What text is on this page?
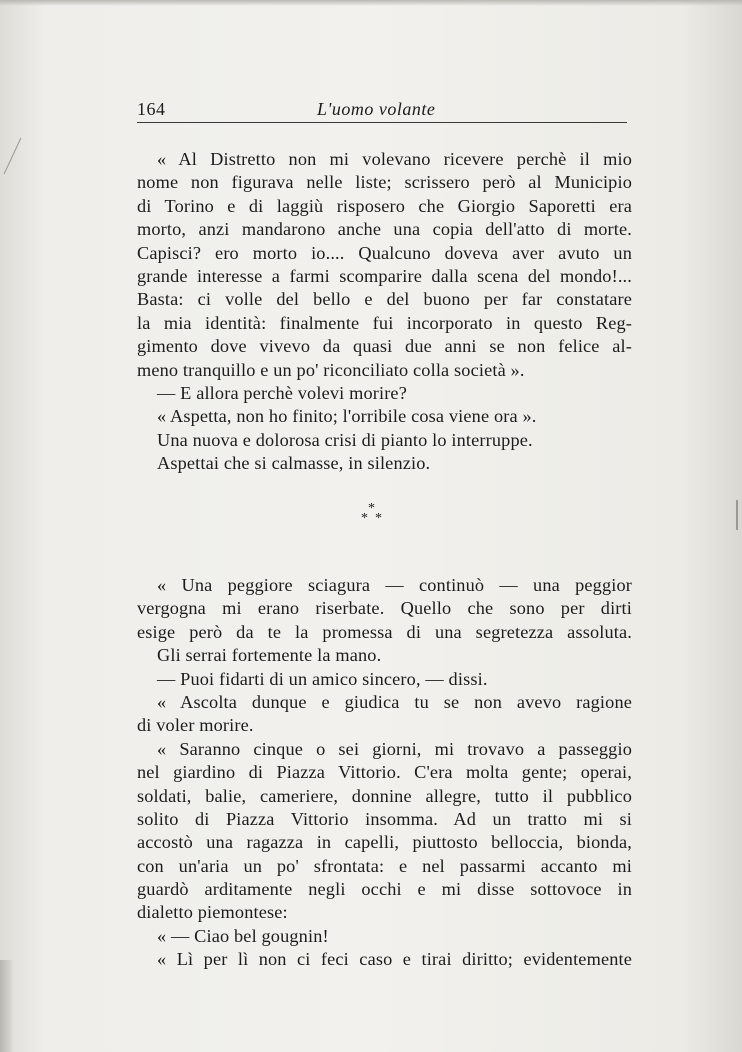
164	L'uomo volante
« Al Distretto non mi volevano ricevere perchè il mio
nome non figurava nelle liste; scrissero però al Municipio
di Torino e di laggiù risposero che Giorgio Saporetti era
morto, anzi mandarono anche una copia dell'atto di morte.
Capisci? ero morto io.... Qualcuno doveva aver avuto un
grande interesse a farmi scomparire dalla scena del mondo!...
Basta: ci volle del bello e del buono per far constatare
la mia identità: finalmente fui incorporato in questo Reg-
gimento dove vivevo da quasi due anni se non felice al-
meno tranquillo e un po' riconciliato colla società ».
— E allora perchè volevi morire?
« Aspetta, non ho finito; l'orribile cosa viene ora ».
Una nuova e dolorosa crisi di pianto lo interruppe.
Aspettai che si calmasse, in silenzio.
*
* *
« Una peggiore sciagura — continuò — una peggior
vergogna mi erano riserbate. Quello che sono per dirti
esige però da te la promessa di una segretezza assoluta.
Gli serrai fortemente la mano.
— Puoi fidarti di un amico sincero, — dissi.
« Ascolta dunque e giudica tu se non avevo ragione
di voler morire.
« Saranno cinque o sei giorni, mi trovavo a passeggio
nel giardino di Piazza Vittorio. C'era molta gente; operai,
soldati, balie, cameriere, donnine allegre, tutto il pubblico
solito di Piazza Vittorio insomma. Ad un tratto mi si
accostò una ragazza in capelli, piuttosto belloccia, bionda,
con un'aria un po' sfrontata: e nel passarmi accanto mi
guardò arditamente negli occhi e mi disse sottovoce in
dialetto piemontese:
« — Ciao bel gougnin!
« Lì per lì non ci feci caso e tirai diritto; evidentemente
